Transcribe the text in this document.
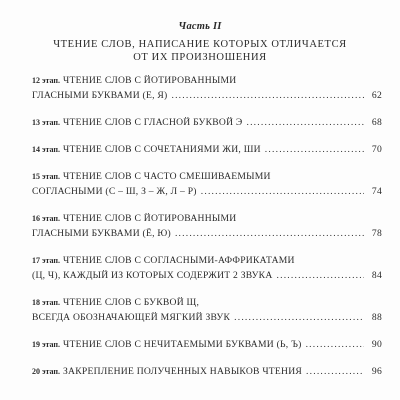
Часть II
ЧТЕНИЕ СЛОВ, НАПИСАНИЕ КОТОРЫХ ОТЛИЧАЕТСЯ
ОТ ИХ ПРОИЗНОШЕНИЯ
12 этап. ЧТЕНИЕ СЛОВ С ЙОТИРОВАННЫМИ
ГЛАСНЫМИ БУКВАМИ (Е, Я) .....	62
13 этап. ЧТЕНИЕ СЛОВ С ГЛАСНОЙ БУКВОЙ Э .....	68
14 этап. ЧТЕНИЕ СЛОВ С СОЧЕТАНИЯМИ ЖИ, ШИ .....	70
15 этап. ЧТЕНИЕ СЛОВ С ЧАСТО СМЕШИВАЕМЫМИ
СОГЛАСНЫМИ (С – Ш, З – Ж, Л – Р) .....	74
16 этап. ЧТЕНИЕ СЛОВ С ЙОТИРОВАННЫМИ
ГЛАСНЫМИ БУКВАМИ (Ё, Ю) .....	78
17 этап. ЧТЕНИЕ СЛОВ С СОГЛАСНЫМИ-АФФРИКАТАМИ
(Ц, Ч), КАЖДЫЙ ИЗ КОТОРЫХ СОДЕРЖИТ 2 ЗВУКА .....	84
18 этап. ЧТЕНИЕ СЛОВ С БУКВОЙ Щ,
ВСЕГДА ОБОЗНАЧАЮЩЕЙ МЯГКИЙ ЗВУК .....	88
19 этап. ЧТЕНИЕ СЛОВ С НЕЧИТАЕМЫМИ БУКВАМИ (Ь, Ъ) .....	90
20 этап. ЗАКРЕПЛЕНИЕ ПОЛУЧЕННЫХ НАВЫКОВ ЧТЕНИЯ .....	96
